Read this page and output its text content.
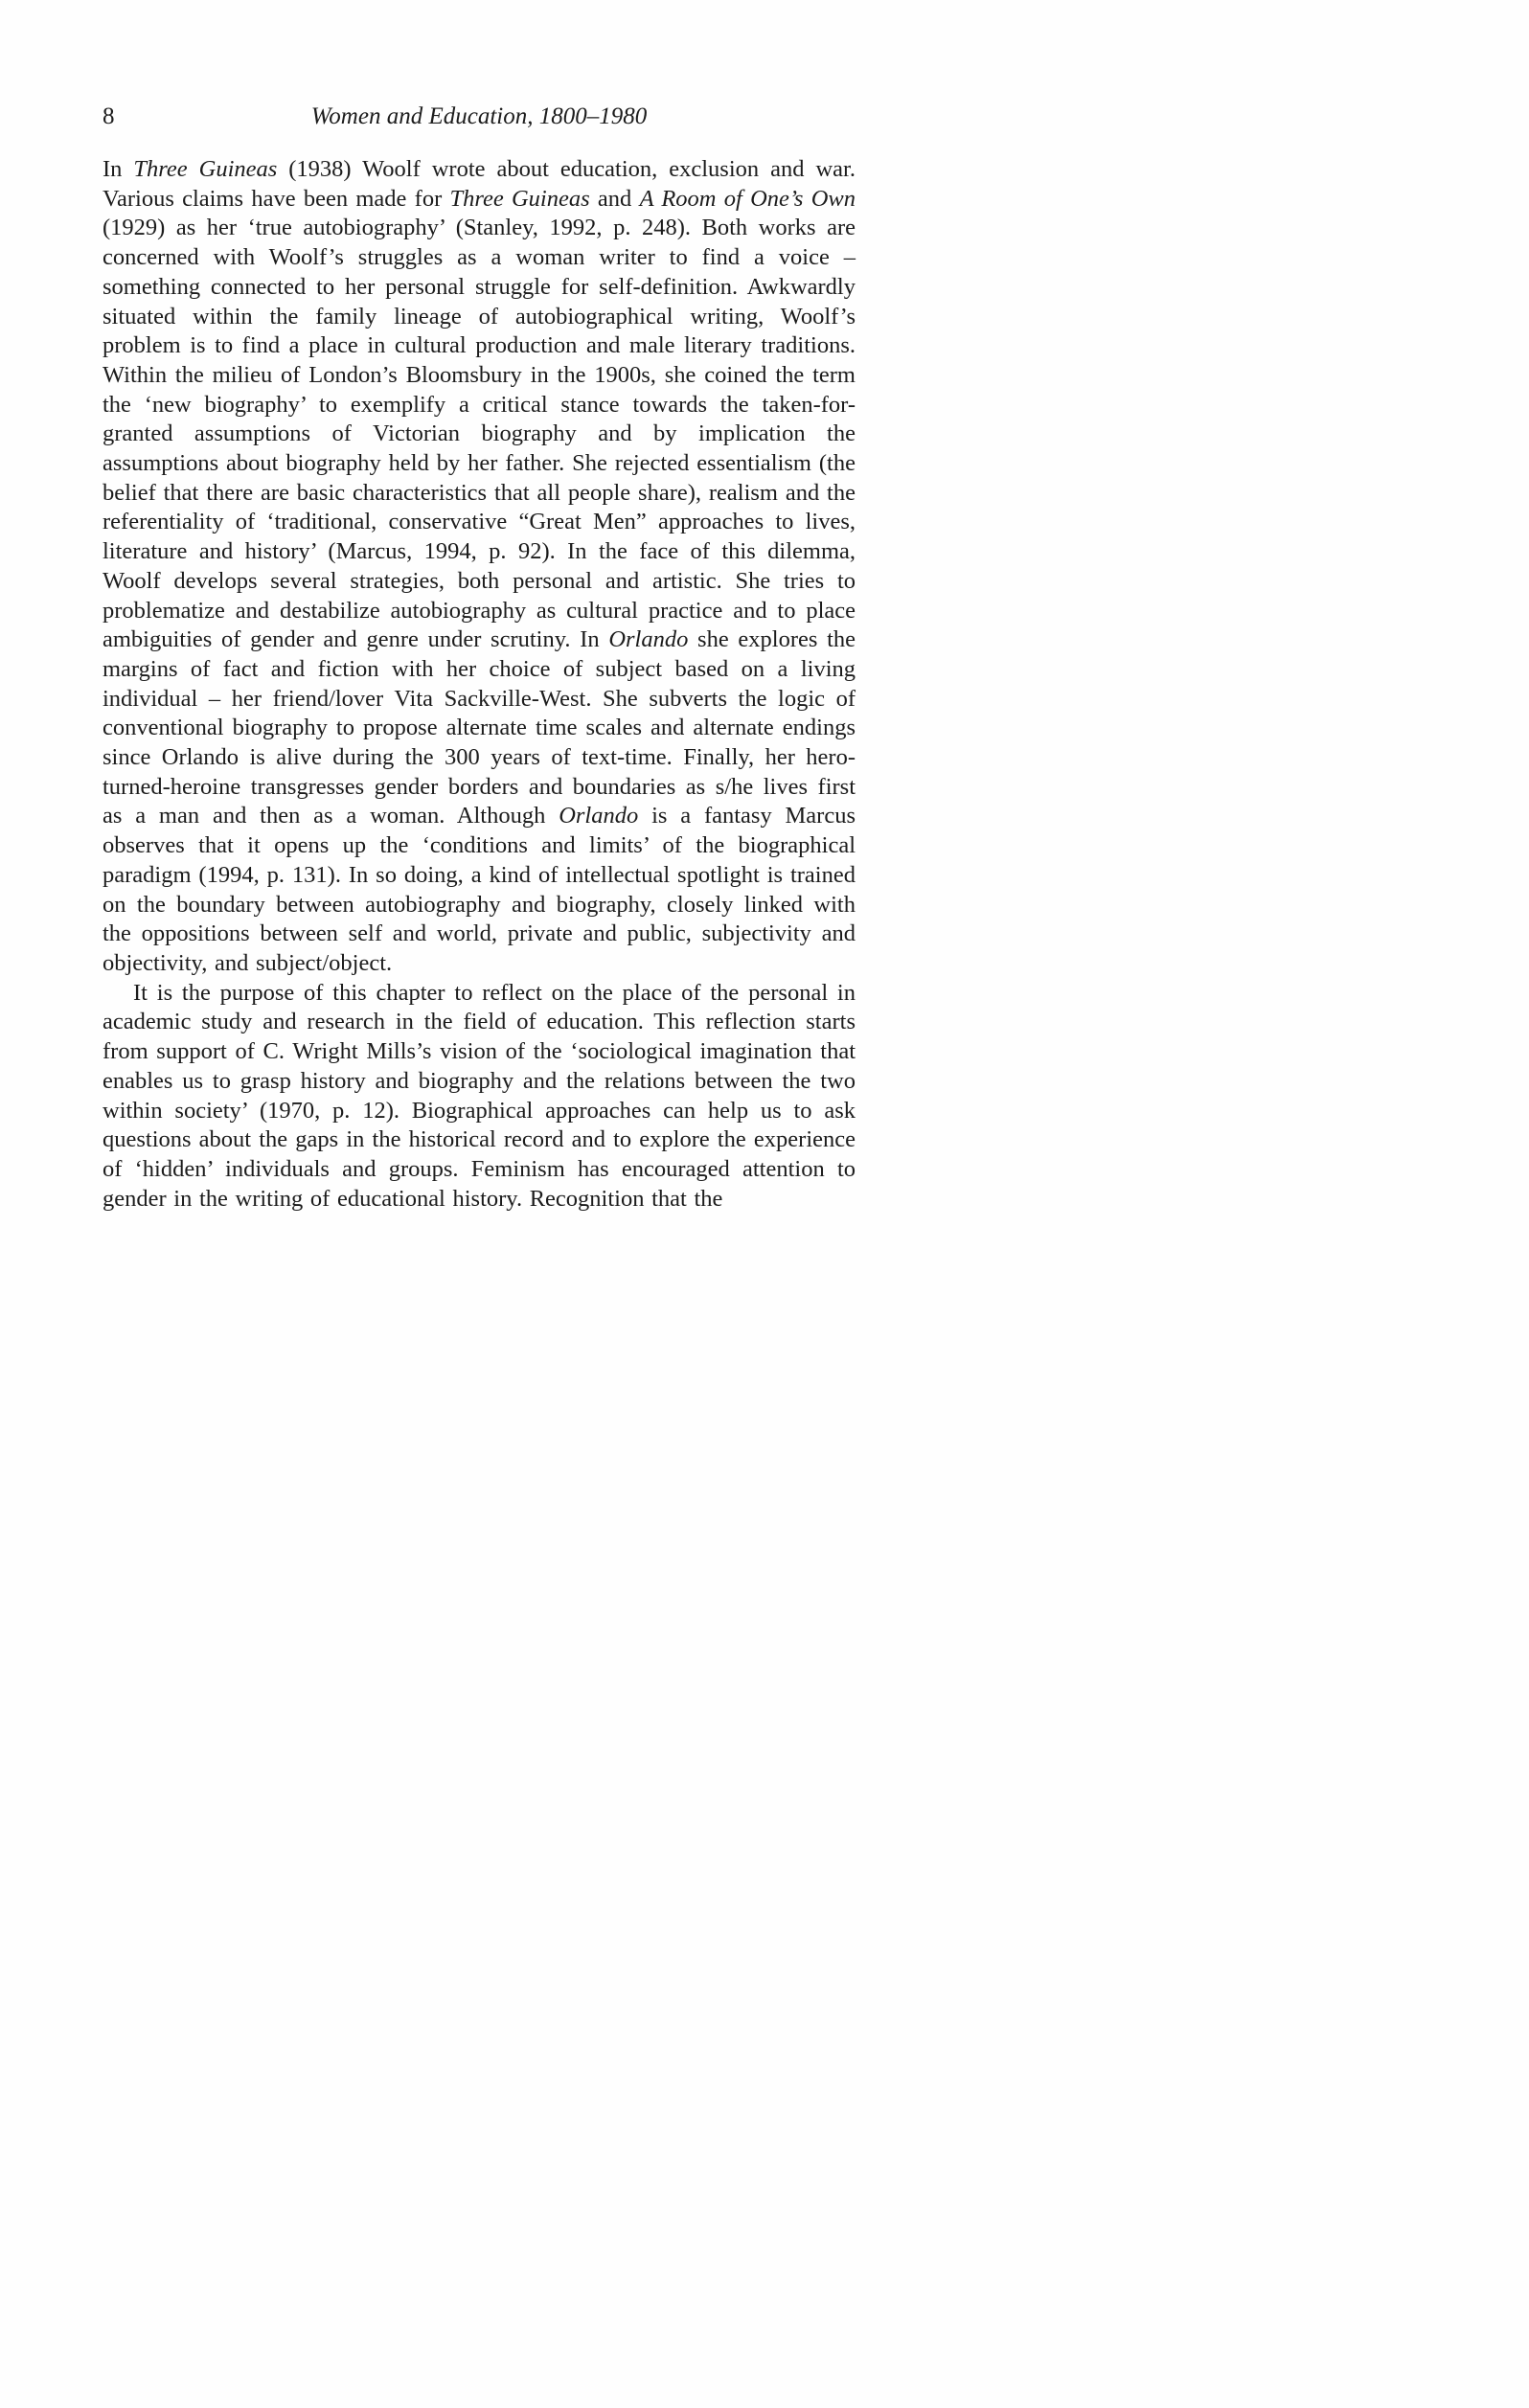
8	Women and Education, 1800–1980

In Three Guineas (1938) Woolf wrote about education, exclusion and war. Various claims have been made for Three Guineas and A Room of One’s Own (1929) as her ‘true autobiography’ (Stanley, 1992, p. 248). Both works are concerned with Woolf’s struggles as a woman writer to find a voice – something connected to her personal struggle for self-definition. Awkwardly situated within the family lineage of autobiographical writing, Woolf’s problem is to find a place in cultural production and male literary traditions. Within the milieu of London’s Bloomsbury in the 1900s, she coined the term the ‘new biography’ to exemplify a critical stance towards the taken-for-granted assumptions of Victorian biography and by implication the assumptions about biography held by her father. She rejected essentialism (the belief that there are basic characteristics that all people share), realism and the referentiality of ‘traditional, conservative “Great Men” approaches to lives, literature and history’ (Marcus, 1994, p. 92). In the face of this dilemma, Woolf develops several strategies, both personal and artistic. She tries to problematize and destabilize autobiography as cultural practice and to place ambiguities of gender and genre under scrutiny. In Orlando she explores the margins of fact and fiction with her choice of subject based on a living individual – her friend/lover Vita Sackville-West. She subverts the logic of conventional biography to propose alternate time scales and alternate endings since Orlando is alive during the 300 years of text-time. Finally, her hero-turned-heroine transgresses gender borders and boundaries as s/he lives first as a man and then as a woman. Although Orlando is a fantasy Marcus observes that it opens up the ‘conditions and limits’ of the biographical paradigm (1994, p. 131). In so doing, a kind of intellectual spotlight is trained on the boundary between autobiography and biography, closely linked with the oppositions between self and world, private and public, subjectivity and objectivity, and subject/object.

It is the purpose of this chapter to reflect on the place of the personal in academic study and research in the field of education. This reflection starts from support of C. Wright Mills’s vision of the ‘sociological imagination that enables us to grasp history and biography and the relations between the two within society’ (1970, p. 12). Biographical approaches can help us to ask questions about the gaps in the historical record and to explore the experience of ‘hidden’ individuals and groups. Feminism has encouraged attention to gender in the writing of educational history. Recognition that the
